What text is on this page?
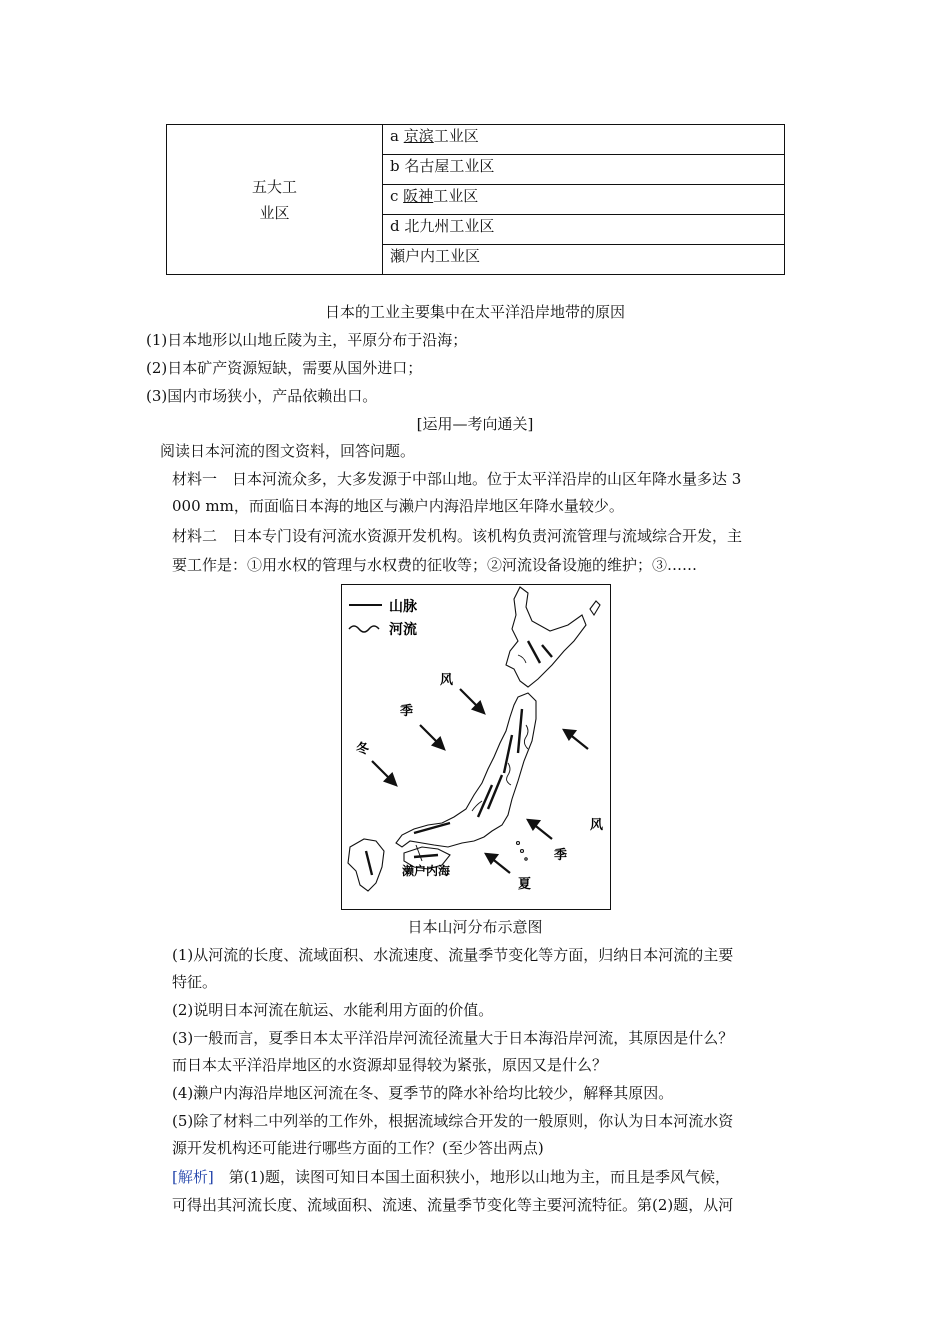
五大工
业区	a 京滨工业区
b 名古屋工业区
c 阪神工业区
d 北九州工业区
瀬户内工业区
日本的工业主要集中在太平洋沿岸地带的原因
(1)日本地形以山地丘陵为主，平原分布于沿海；
(2)日本矿产资源短缺，需要从国外进口；
(3)国内市场狭小，产品依赖出口。
[运用—考向通关]
阅读日本河流的图文资料，回答问题。
材料一　日本河流众多，大多发源于中部山地。位于太平洋沿岸的山区年降水量多达 3
000 mm，而面临日本海的地区与濑户内海沿岸地区年降水量较少。
材料二　日本专门设有河流水资源开发机构。该机构负责河流管理与流域综合开发，主
要工作是：①用水权的管理与水权费的征收等；②河流设备设施的维护；③……
山脉
河流
风
季
冬
风
季
夏
濑户内海
日本山河分布示意图
(1)从河流的长度、流域面积、水流速度、流量季节变化等方面，归纳日本河流的主要
特征。
(2)说明日本河流在航运、水能利用方面的价值。
(3)一般而言，夏季日本太平洋沿岸河流径流量大于日本海沿岸河流，其原因是什么？
而日本太平洋沿岸地区的水资源却显得较为紧张，原因又是什么？
(4)濑户内海沿岸地区河流在冬、夏季节的降水补给均比较少，解释其原因。
(5)除了材料二中列举的工作外，根据流域综合开发的一般原则，你认为日本河流水资
源开发机构还可能进行哪些方面的工作？(至少答出两点)
[解析]　第(1)题，读图可知日本国土面积狭小，地形以山地为主，而且是季风气候，
可得出其河流长度、流域面积、流速、流量季节变化等主要河流特征。第(2)题，从河
